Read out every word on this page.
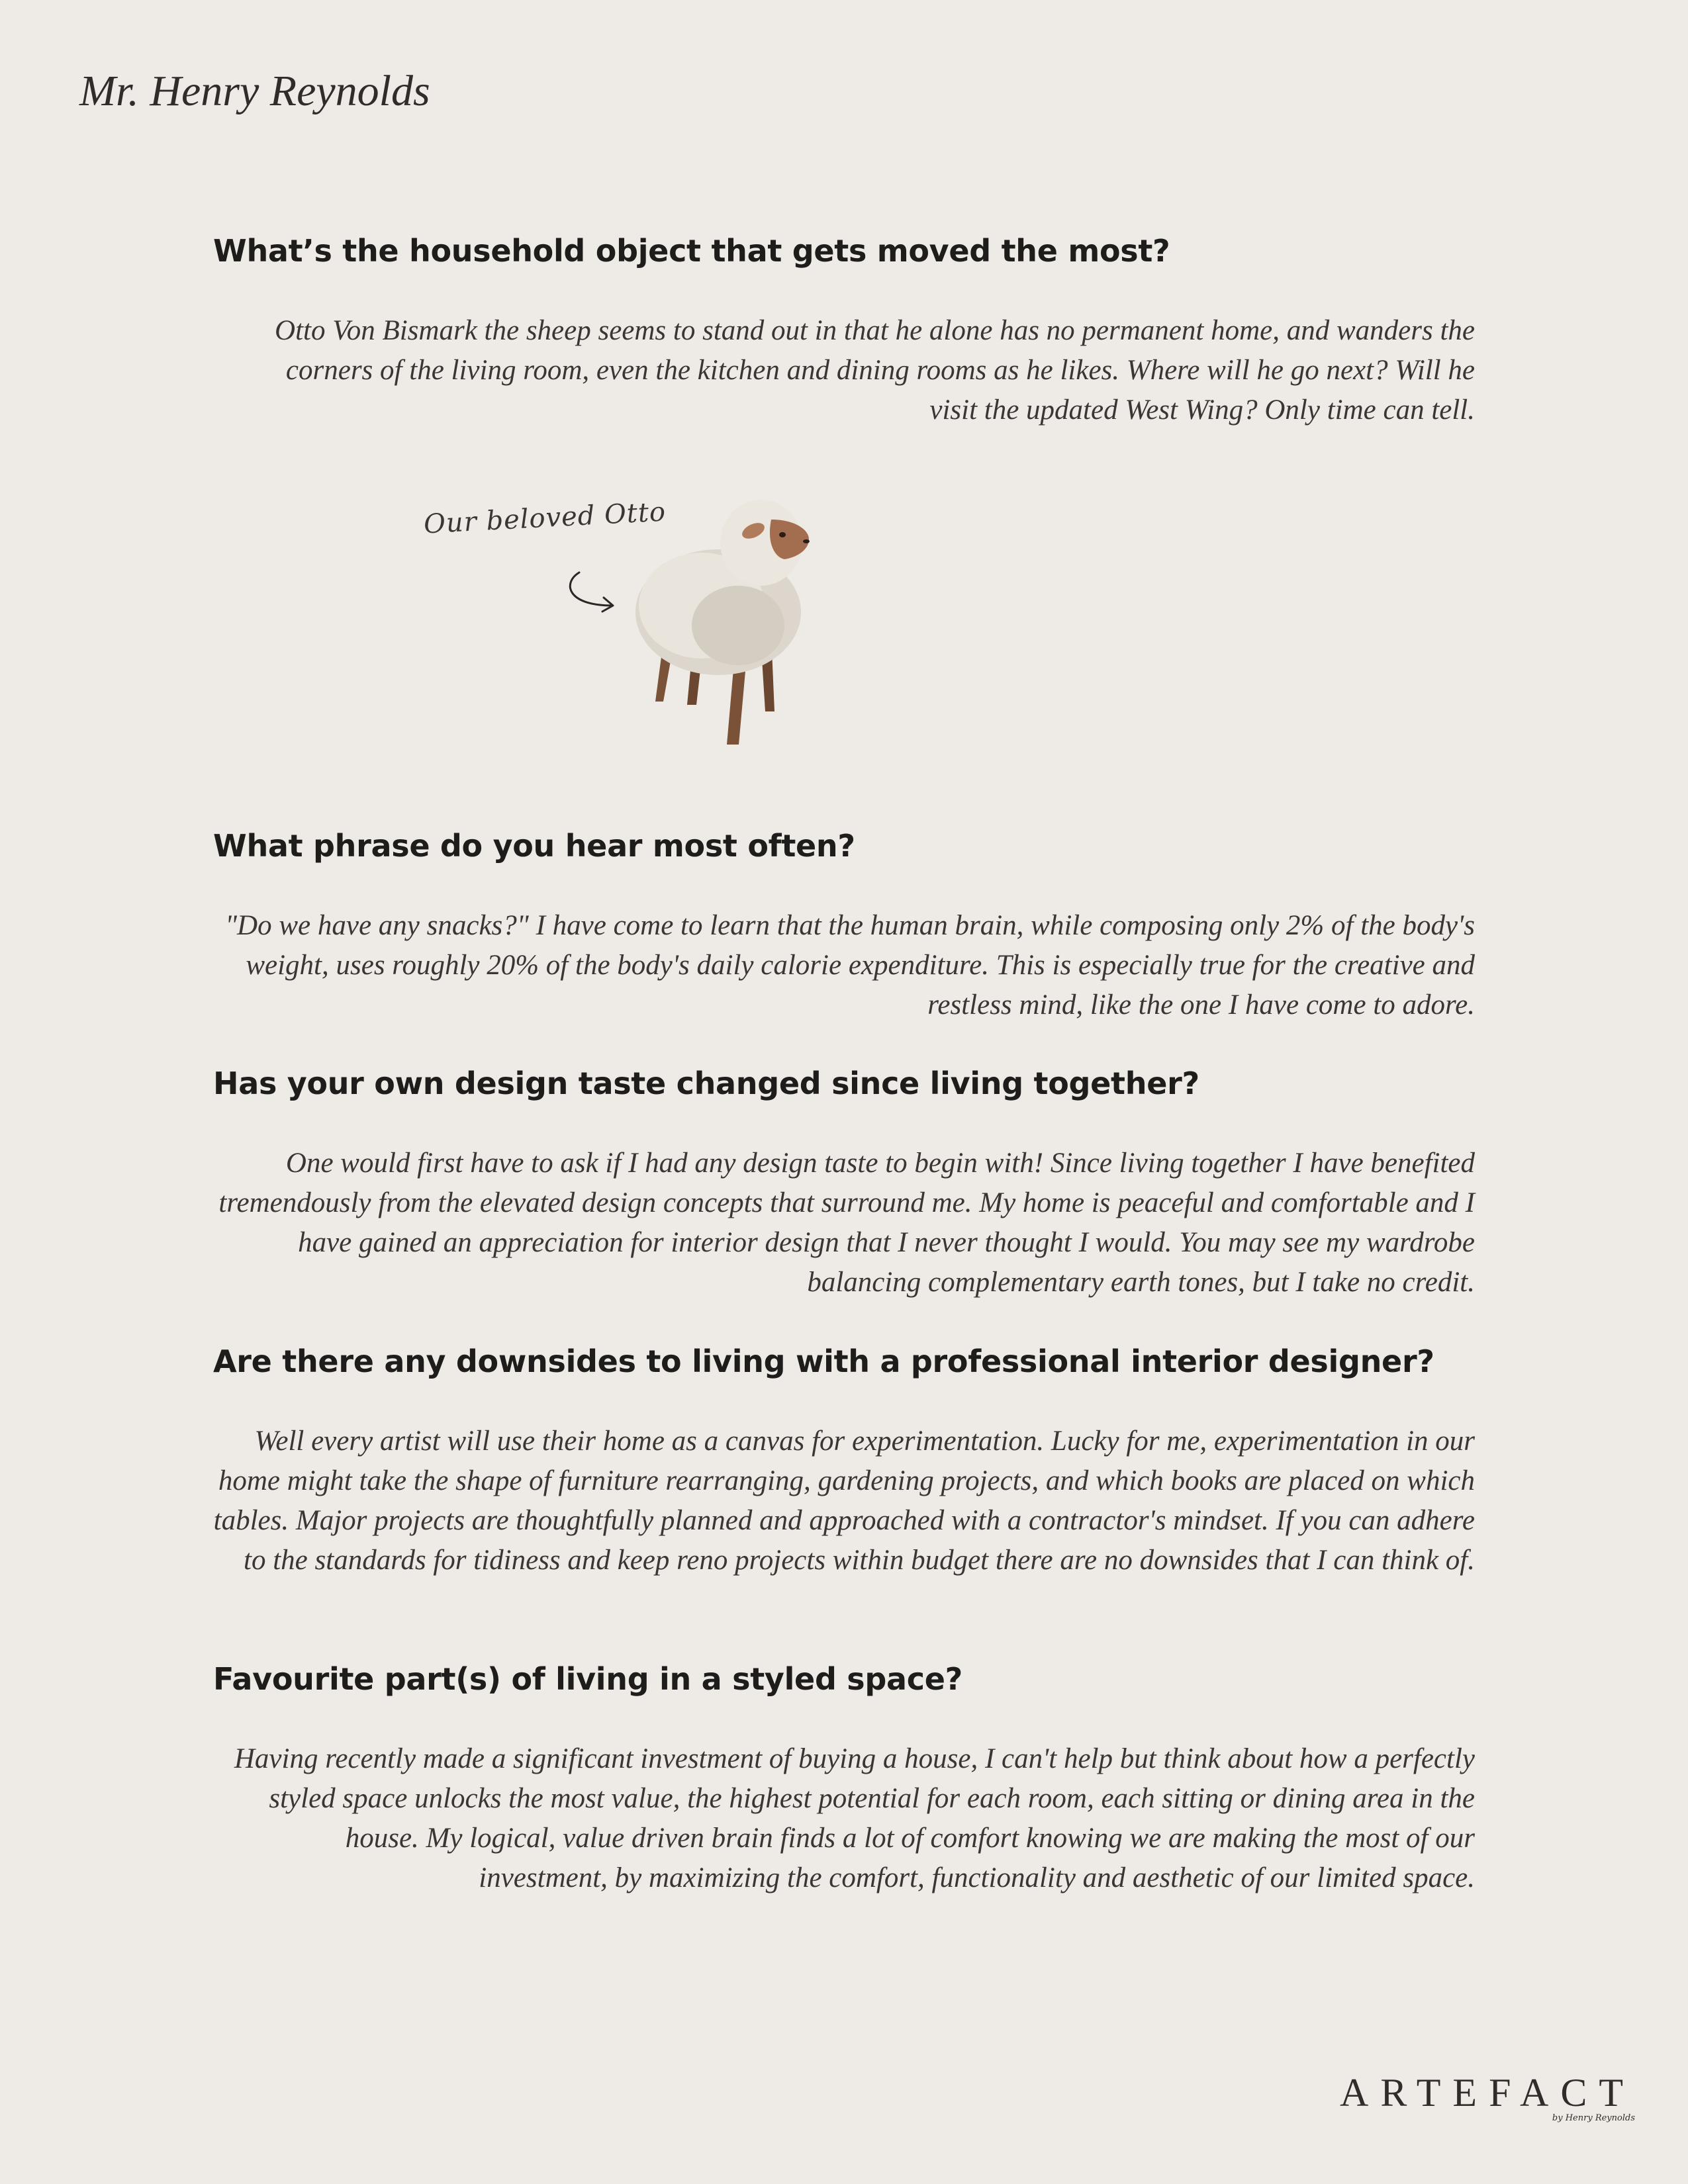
Mr. Henry Reynolds
What’s the household object that gets moved the most?

Otto Von Bismark the sheep seems to stand out in that he alone has no permanent home, and wanders the corners of the living room, even the kitchen and dining rooms as he likes. Where will he go next? Will he visit the updated West Wing? Only time can tell.

Our beloved Otto
What phrase do you hear most often?

"Do we have any snacks?" I have come to learn that the human brain, while composing only 2% of the body's weight, uses roughly 20% of the body's daily calorie expenditure. This is especially true for the creative and restless mind, like the one I have come to adore.

Has your own design taste changed since living together?

One would first have to ask if I had any design taste to begin with! Since living together I have benefited tremendously from the elevated design concepts that surround me. My home is peaceful and comfortable and I have gained an appreciation for interior design that I never thought I would. You may see my wardrobe balancing complementary earth tones, but I take no credit.

Are there any downsides to living with a professional interior designer?

Well every artist will use their home as a canvas for experimentation. Lucky for me, experimentation in our home might take the shape of furniture rearranging, gardening projects, and which books are placed on which tables. Major projects are thoughtfully planned and approached with a contractor's mindset. If you can adhere to the standards for tidiness and keep reno projects within budget there are no downsides that I can think of.

Favourite part(s) of living in a styled space?

Having recently made a significant investment of buying a house, I can't help but think about how a perfectly styled space unlocks the most value, the highest potential for each room, each sitting or dining area in the house. My logical, value driven brain finds a lot of comfort knowing we are making the most of our investment, by maximizing the comfort, functionality and aesthetic of our limited space.

ARTEFACT
by Henry Reynolds
